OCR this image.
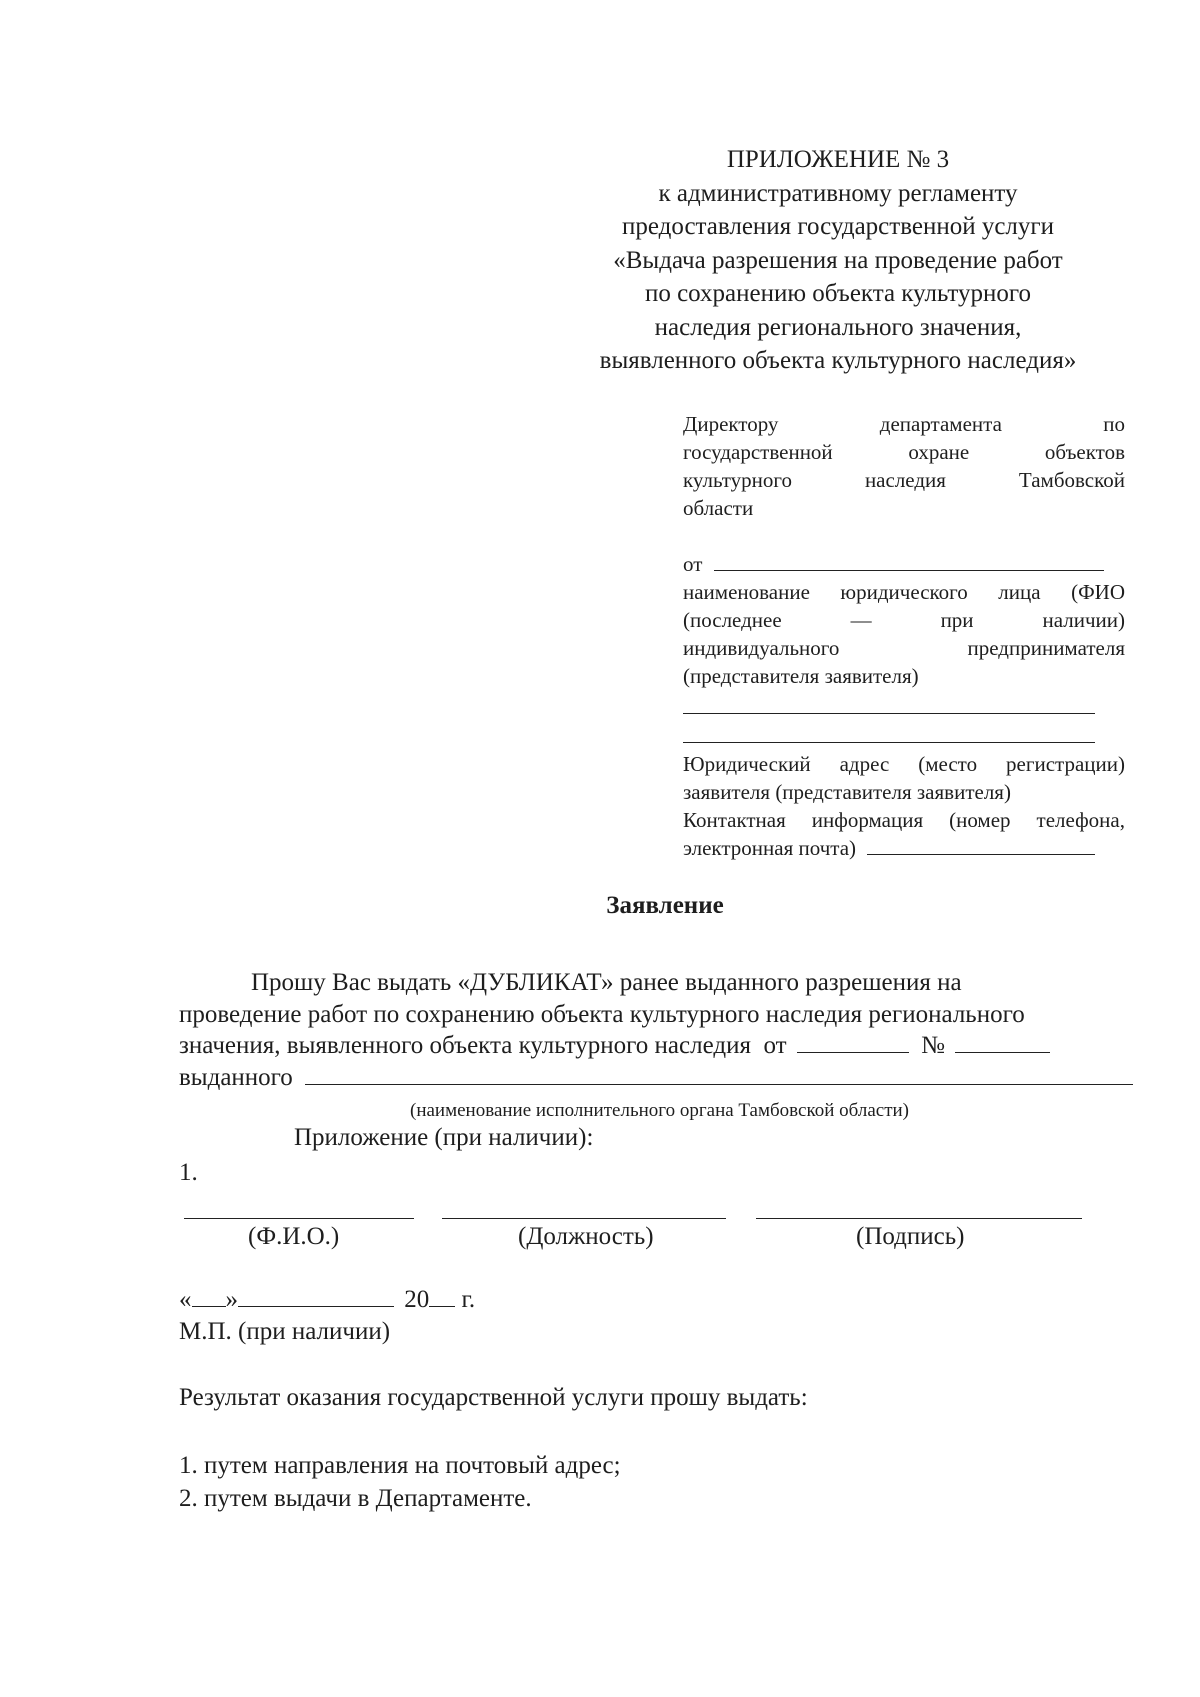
ПРИЛОЖЕНИЕ № 3
к административному регламенту
предоставления государственной услуги
«Выдача разрешения на проведение работ
по сохранению объекта культурного
наследия регионального значения,
выявленного объекта культурного наследия»
Директору департамента по
государственной охране объектов
культурного наследия Тамбовской
области
от
наименование юридического лица (ФИО
(последнее — при наличии)
индивидуального предпринимателя
(представителя заявителя)
Юридический адрес (место регистрации)
заявителя (представителя заявителя)
Контактная информация (номер телефона,
электронная почта)
Заявление
Прошу Вас выдать «ДУБЛИКАТ» ранее выданного разрешения на
проведение работ по сохранению объекта культурного наследия регионального
значения, выявленного объекта культурного наследия от	№
выданного
(наименование исполнительного органа Тамбовской области)
Приложение (при наличии):
1.
(Ф.И.О.)	(Должность)	(Подпись)
« »	20 г.
М.П. (при наличии)
Результат оказания государственной услуги прошу выдать:
1. путем направления на почтовый адрес;
2. путем выдачи в Департаменте.
